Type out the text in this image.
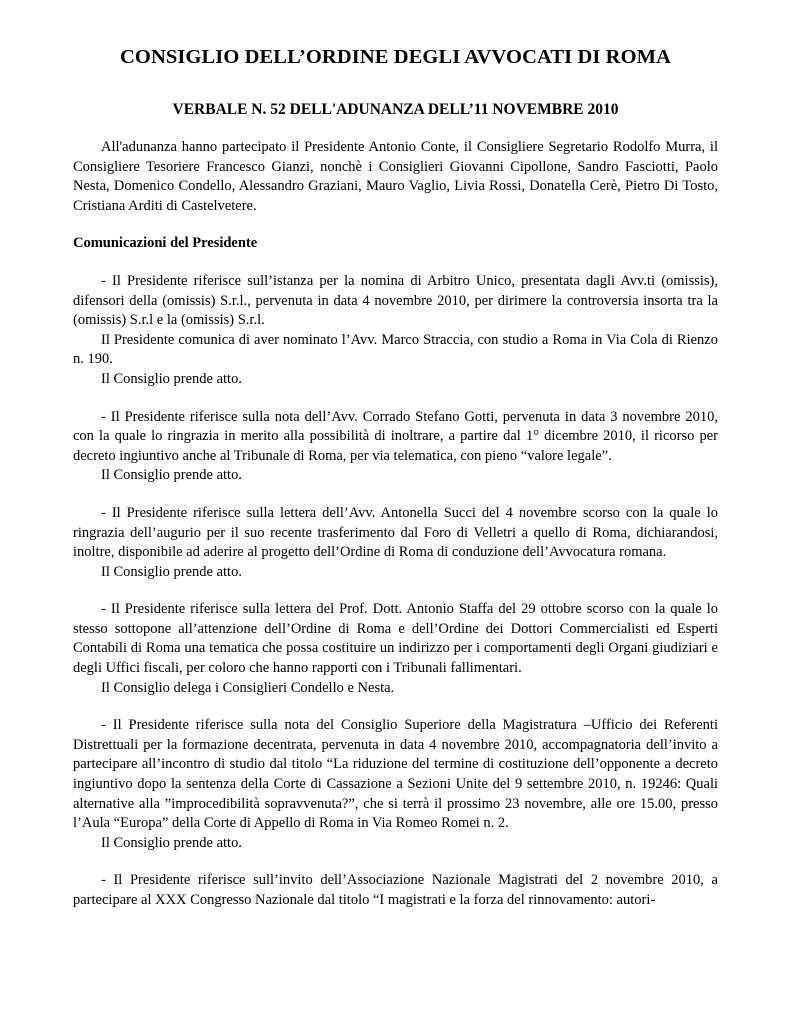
CONSIGLIO DELL’ORDINE DEGLI AVVOCATI DI ROMA
VERBALE N. 52 DELL'ADUNANZA DELL’11 NOVEMBRE 2010

All'adunanza hanno partecipato il Presidente Antonio Conte, il Consigliere Segretario Rodolfo Murra, il Consigliere Tesoriere Francesco Gianzi, nonchè i Consiglieri Giovanni Cipollone, Sandro Fasciotti, Paolo Nesta, Domenico Condello, Alessandro Graziani, Mauro Vaglio, Livia Rossi, Donatella Cerè, Pietro Di Tosto, Cristiana Arditi di Castelvetere.

Comunicazioni del Presidente

- Il Presidente riferisce sull’istanza per la nomina di Arbitro Unico, presentata dagli Avv.ti (omissis), difensori della (omissis) S.r.l., pervenuta in data 4 novembre 2010, per dirimere la controversia insorta tra la (omissis) S.r.l e la (omissis) S.r.l.

Il Presidente comunica di aver nominato l’Avv. Marco Straccia, con studio a Roma in Via Cola di Rienzo n. 190.

Il Consiglio prende atto.

- Il Presidente riferisce sulla nota dell’Avv. Corrado Stefano Gotti, pervenuta in data 3 novembre 2010, con la quale lo ringrazia in merito alla possibilità di inoltrare, a partire dal 1° dicembre 2010, il ricorso per decreto ingiuntivo anche al Tribunale di Roma, per via telematica, con pieno “valore legale”.

Il Consiglio prende atto.

- Il Presidente riferisce sulla lettera dell’Avv. Antonella Succi del 4 novembre scorso con la quale lo ringrazia dell’augurio per il suo recente trasferimento dal Foro di Velletri a quello di Roma, dichiarandosi, inoltre, disponibile ad aderire al progetto dell’Ordine di Roma di conduzione dell’Avvocatura romana.

Il Consiglio prende atto.

- Il Presidente riferisce sulla lettera del Prof. Dott. Antonio Staffa del 29 ottobre scorso con la quale lo stesso sottopone all’attenzione dell’Ordine di Roma e dell’Ordine dei Dottori Commercialisti ed Esperti Contabili di Roma una tematica che possa costituire un indirizzo per i comportamenti degli Organi giudiziari e degli Uffici fiscali, per coloro che hanno rapporti con i Tribunali fallimentari.

Il Consiglio delega i Consiglieri Condello e Nesta.

- Il Presidente riferisce sulla nota del Consiglio Superiore della Magistratura –Ufficio dei Referenti Distrettuali per la formazione decentrata, pervenuta in data 4 novembre 2010, accompagnatoria dell’invito a partecipare all’incontro di studio dal titolo “La riduzione del termine di costituzione dell’opponente a decreto ingiuntivo dopo la sentenza della Corte di Cassazione a Sezioni Unite del 9 settembre 2010, n. 19246: Quali alternative alla ”improcedibilità sopravvenuta?”, che si terrà il prossimo 23 novembre, alle ore 15.00, presso l’Aula “Europa” della Corte di Appello di Roma in Via Romeo Romei n. 2.

Il Consiglio prende atto.

- Il Presidente riferisce sull’invito dell’Associazione Nazionale Magistrati del 2 novembre 2010, a partecipare al XXX Congresso Nazionale dal titolo “I magistrati e la forza del rinnovamento: autori-
